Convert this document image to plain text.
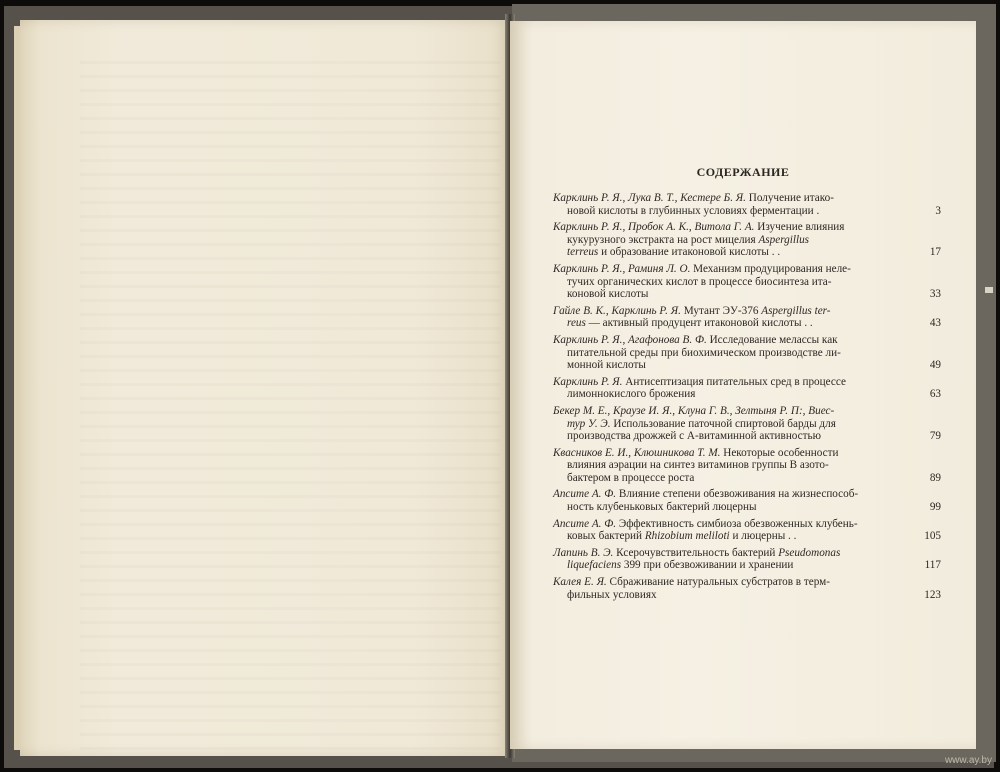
СОДЕРЖАНИЕ
Карклинь Р. Я., Лука В. Т., Кестере Б. Я. Получение итако-
новой кислоты в глубинных условиях ферментации .	3
Карклинь Р. Я., Пробок А. К., Витола Г. А. Изучение влияния
кукурузного экстракта на рост мицелия Aspergillus
terreus и образование итаконовой кислоты . .	17
Карклинь Р. Я., Раминя Л. О. Механизм продуцирования нелe-
тучих органических кислот в процессе биосинтеза ита-
коновой кислоты	33
Гайле В. К., Карклинь Р. Я. Мутант ЭУ-376 Aspergillus ter-
reus — активный продуцент итаконовой кислоты . .	43
Карклинь Р. Я., Агафонова В. Ф. Исследование мелассы как
питательной среды при биохимическом производстве ли-
монной кислоты	49
Карклинь Р. Я. Антисептизация питательных сред в процессе
лимоннокислого брожения	63
Бекер М. Е., Краузе И. Я., Клуна Г. В., Зелтыня Р. П:, Виес-
тур У. Э. Использование паточной спиртовой барды для
производства дрожжей с А-витаминной активностью	79
Квасников Е. И., Клюшникова Т. М. Некоторые особенности
влияния аэрации на синтез витаминов группы В азото-
бактером в процессе роста	89
Апсите А. Ф. Влияние степени обезвоживания на жизнеспособ-
ность клубеньковых бактерий люцерны	99
Апсите А. Ф. Эффективность симбиоза обезвоженных клубень-
ковых бактерий Rhizobium meliloti и люцерны . .	105
Лапинь В. Э. Ксерочувствительность бактерий Pseudomonas
liquefaciens 399 при обезвоживании и хранении	117
Калея Е. Я. Сбраживание натуральных субстратов в терм-
фильных условиях	123
www.ay.by
